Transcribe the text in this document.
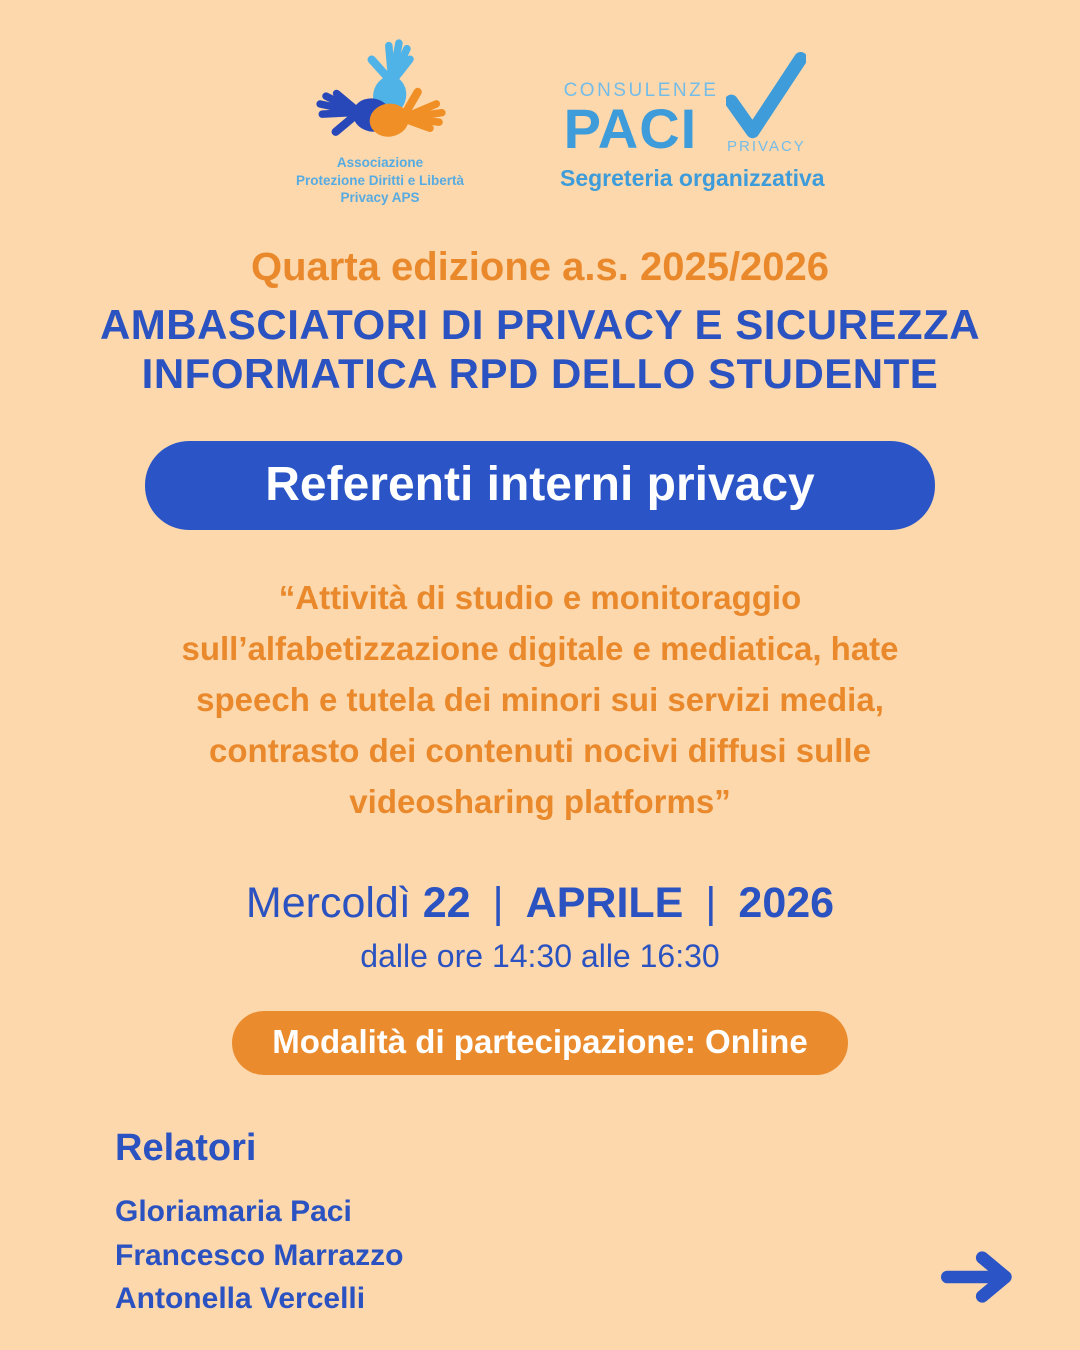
Associazione
Protezione Diritti e Libertà
Privacy APS
CONSULENZE
PACI	PRIVACY
Segreteria organizzativa
Quarta edizione a.s. 2025/2026
AMBASCIATORI DI PRIVACY E SICUREZZA
INFORMATICA RPD DELLO STUDENTE
Referenti interni privacy
“Attività di studio e monitoraggio
sull’alfabetizzazione digitale e mediatica, hate
speech e tutela dei minori sui servizi media,
contrasto dei contenuti nocivi diffusi sulle
videosharing platforms”
Mercoldì 22 | APRILE | 2026
dalle ore 14:30 alle 16:30
Modalità di partecipazione: Online
Relatori
Gloriamaria Paci
Francesco Marrazzo
Antonella Vercelli
